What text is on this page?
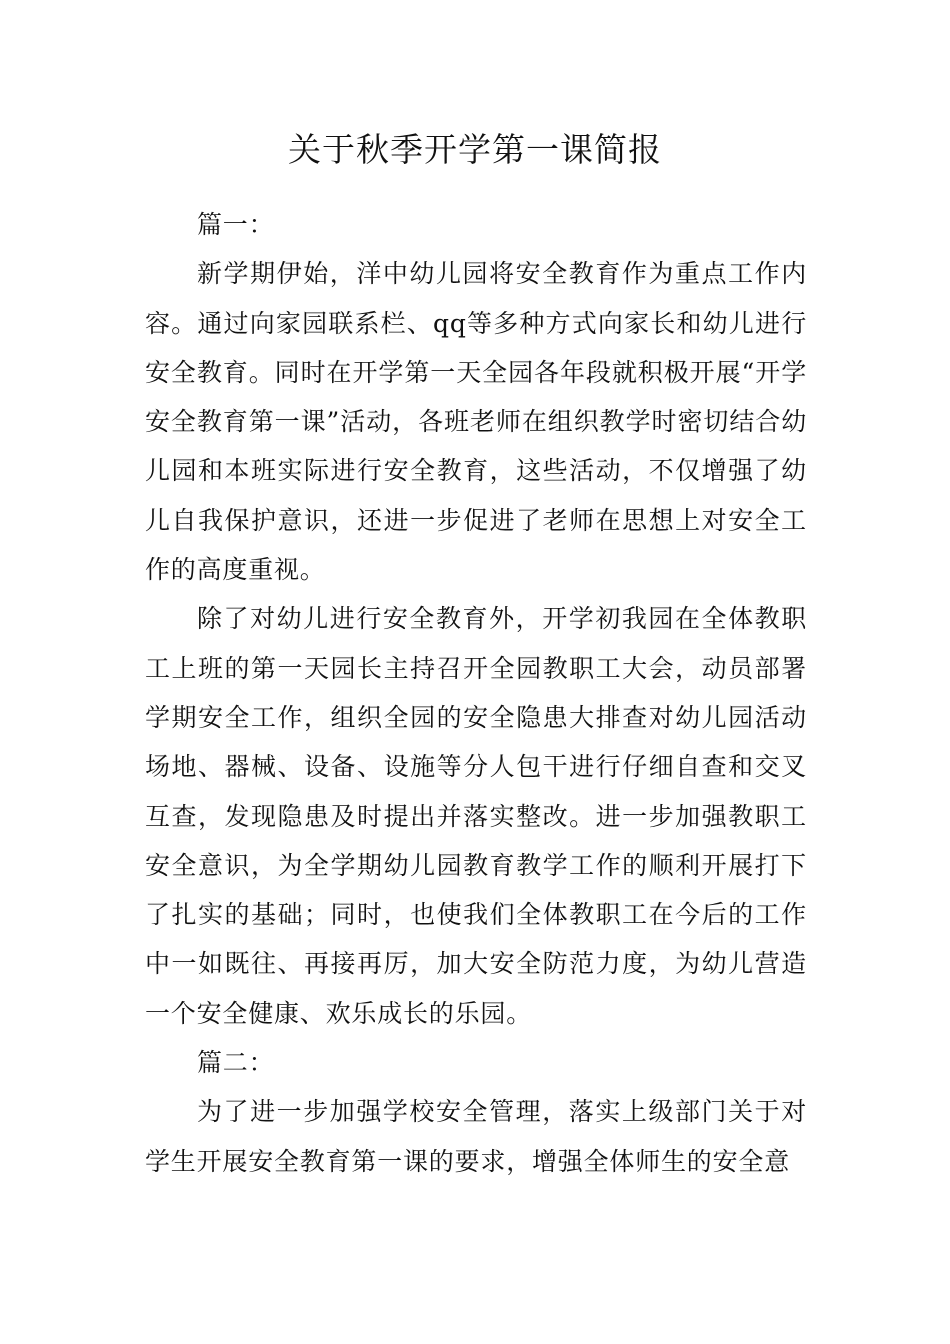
关于秋季开学第一课简报

篇一：

新学期伊始，洋中幼儿园将安全教育作为重点工作内容。通过向家园联系栏、qq等多种方式向家长和幼儿进行安全教育。同时在开学第一天全园各年段就积极开展“开学安全教育第一课”活动，各班老师在组织教学时密切结合幼儿园和本班实际进行安全教育，这些活动，不仅增强了幼儿自我保护意识，还进一步促进了老师在思想上对安全工作的高度重视。

除了对幼儿进行安全教育外，开学初我园在全体教职工上班的第一天园长主持召开全园教职工大会，动员部署学期安全工作，组织全园的安全隐患大排查对幼儿园活动场地、器械、设备、设施等分人包干进行仔细自查和交叉互查，发现隐患及时提出并落实整改。进一步加强教职工安全意识，为全学期幼儿园教育教学工作的顺利开展打下了扎实的基础；同时，也使我们全体教职工在今后的工作中一如既往、再接再厉，加大安全防范力度，为幼儿营造一个安全健康、欢乐成长的乐园。

篇二：

为了进一步加强学校安全管理，落实上级部门关于对学生开展安全教育第一课的要求，增强全体师生的安全意
